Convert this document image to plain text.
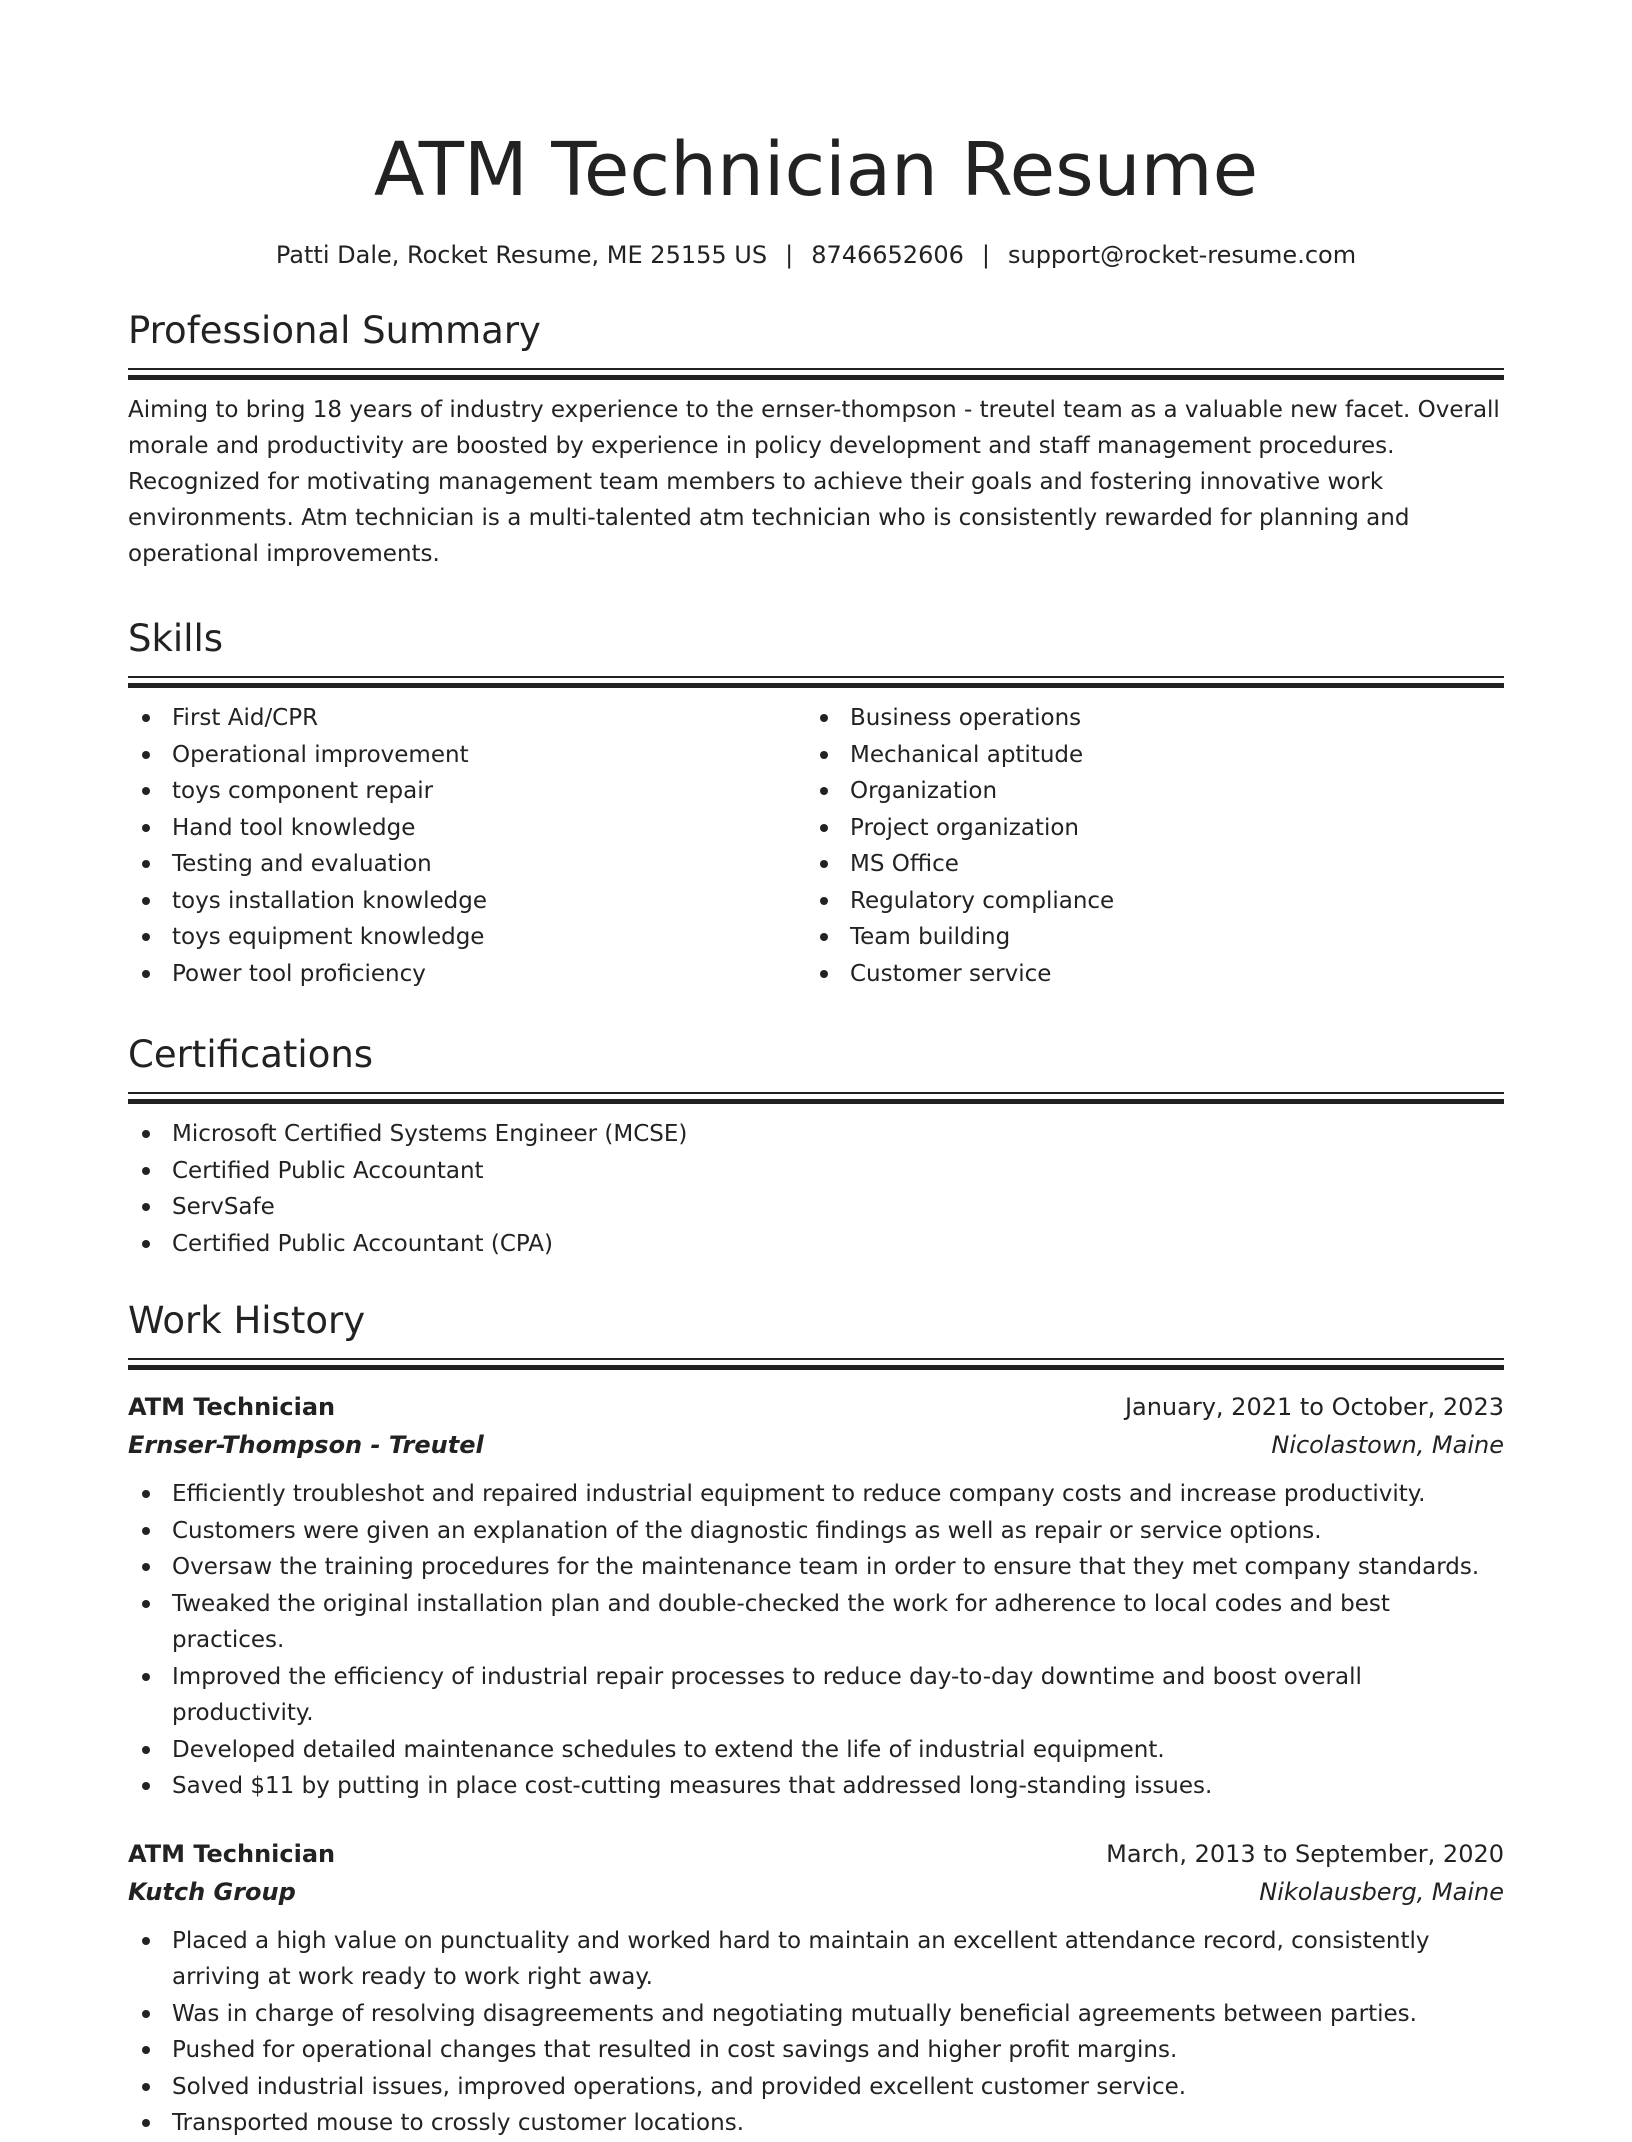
ATM Technician Resume
Patti Dale, Rocket Resume, ME 25155 US | 8746652606 | support@rocket-resume.com
Professional Summary
Aiming to bring 18 years of industry experience to the ernser-thompson - treutel team as a valuable new facet. Overall morale and productivity are boosted by experience in policy development and staff management procedures. Recognized for motivating management team members to achieve their goals and fostering innovative work environments. Atm technician is a multi-talented atm technician who is consistently rewarded for planning and operational improvements.
Skills
First Aid/CPR
Operational improvement
toys component repair
Hand tool knowledge
Testing and evaluation
toys installation knowledge
toys equipment knowledge
Power tool proficiency
Business operations
Mechanical aptitude
Organization
Project organization
MS Office
Regulatory compliance
Team building
Customer service
Certifications
Microsoft Certified Systems Engineer (MCSE)
Certified Public Accountant
ServSafe
Certified Public Accountant (CPA)
Work History
ATM Technician	January, 2021 to October, 2023
Ernser-Thompson - Treutel	Nicolastown, Maine
Efficiently troubleshot and repaired industrial equipment to reduce company costs and increase productivity.
Customers were given an explanation of the diagnostic findings as well as repair or service options.
Oversaw the training procedures for the maintenance team in order to ensure that they met company standards.
Tweaked the original installation plan and double-checked the work for adherence to local codes and best practices.
Improved the efficiency of industrial repair processes to reduce day-to-day downtime and boost overall productivity.
Developed detailed maintenance schedules to extend the life of industrial equipment.
Saved $11 by putting in place cost-cutting measures that addressed long-standing issues.
ATM Technician	March, 2013 to September, 2020
Kutch Group	Nikolausberg, Maine
Placed a high value on punctuality and worked hard to maintain an excellent attendance record, consistently arriving at work ready to work right away.
Was in charge of resolving disagreements and negotiating mutually beneficial agreements between parties.
Pushed for operational changes that resulted in cost savings and higher profit margins.
Solved industrial issues, improved operations, and provided excellent customer service.
Transported mouse to crossly customer locations.
